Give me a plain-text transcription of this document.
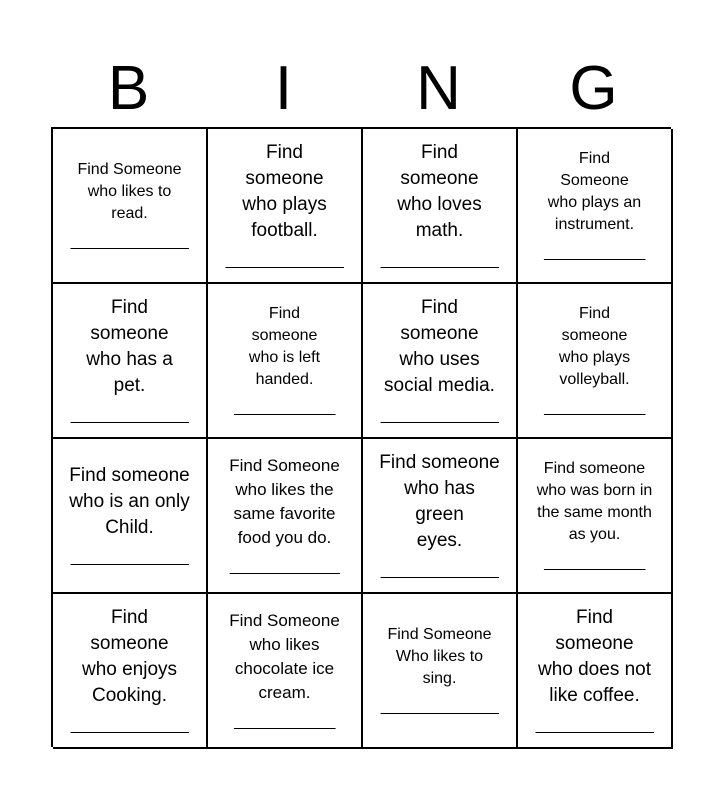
B	I	N	G
Find Someone
who likes to
read.
______________
Find
someone
who plays
football.
______________
Find
someone
who loves
math.
______________
Find
Someone
who plays an
instrument.
____________
Find
someone
who has a
pet.
______________
Find
someone
who is left
handed.
____________
Find
someone
who uses
social media.
______________
Find
someone
who plays
volleyball.
____________
Find someone
who is an only
Child.
______________
Find Someone
who likes the
same favorite
food you do.
_____________
Find someone
who has
green
eyes.
______________
Find someone
who was born in
the same month
as you.
____________
Find
someone
who enjoys
Cooking.
______________
Find Someone
who likes
chocolate ice
cream.
____________
Find Someone
Who likes to
sing.
______________
Find
someone
who does not
like coffee.
______________
